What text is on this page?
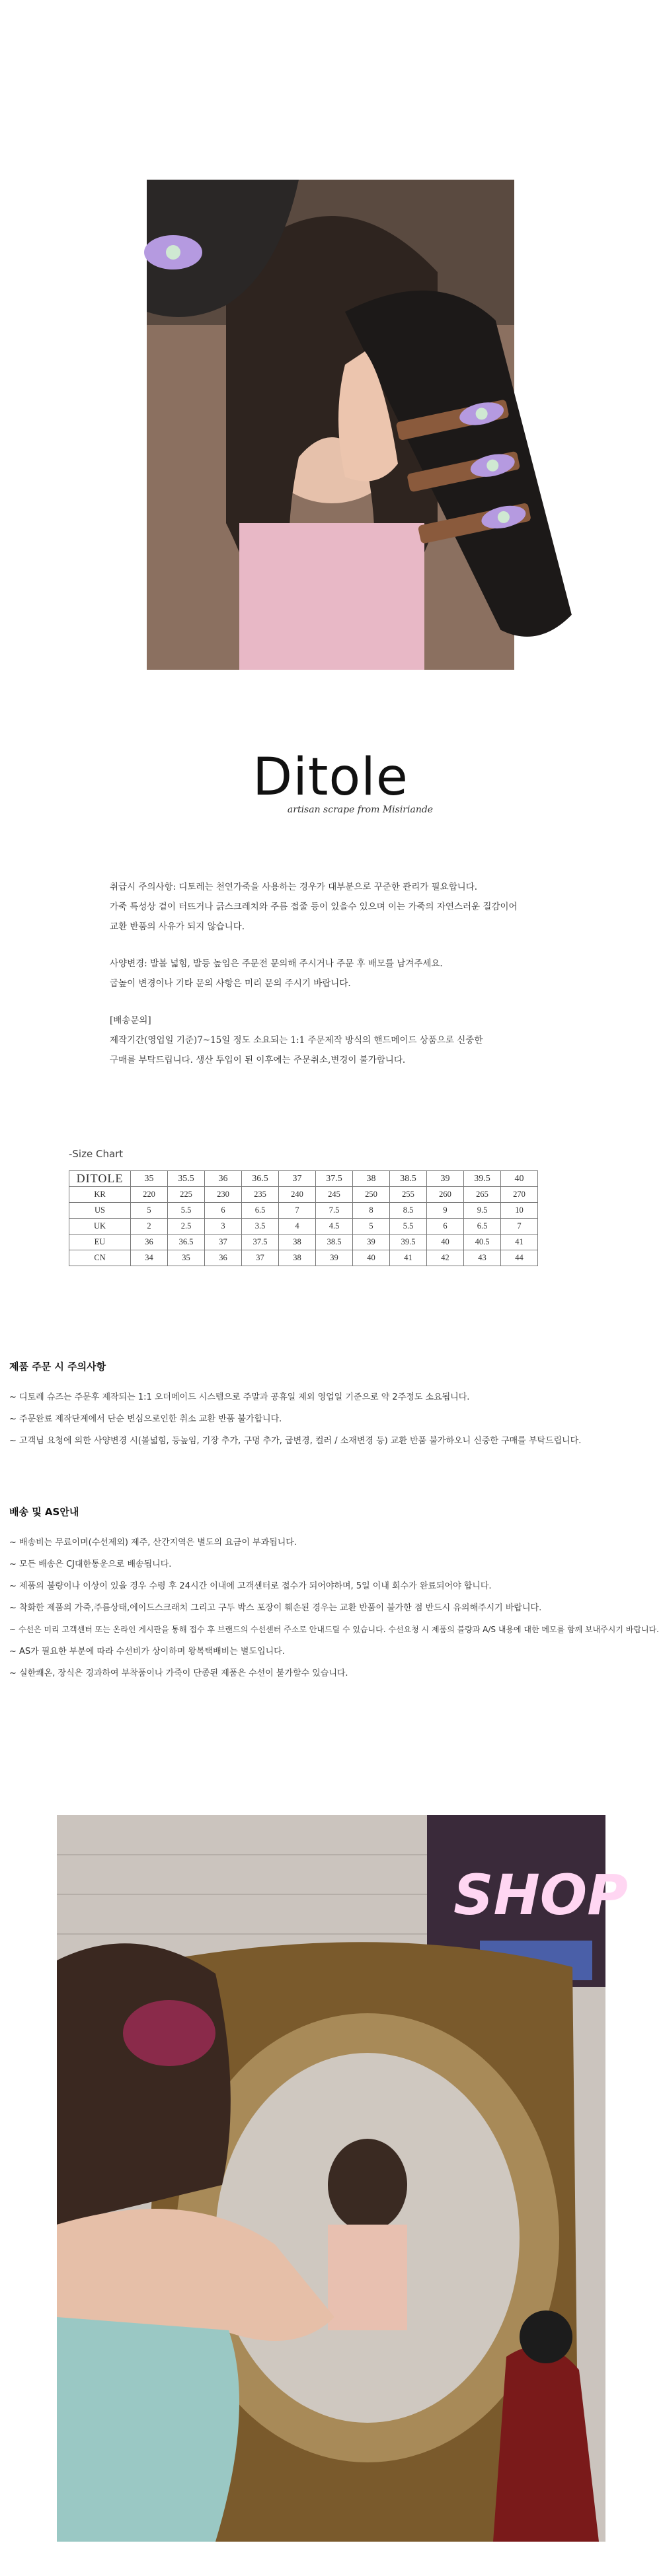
Ditole
artisan scrape from Misiriande

취급시 주의사항: 디토레는 천연가죽을 사용하는 경우가 대부분으로 꾸준한 관리가 필요합니다.
가죽 특성상 겉이 터뜨거나 긁스크레치와 주름 접줄 등이 있을수 있으며 이는 가죽의 자연스러운 질감이어
교환 반품의 사유가 되지 않습니다.

사양변경: 발볼 넓힘, 발등 높임은 주문전 문의해 주시거나 주문 후 배모를 남겨주세요.
굽높이 변경이나 기타 문의 사항은 미리 문의 주시기 바랍니다.

[배송문의]
제작기간(영업일 기준)7~15일 정도 소요되는 1:1 주문제작 방식의 핸드메이드 상품으로 신중한
구매를 부탁드립니다. 생산 투입이 된 이후에는 주문취소,변경이 불가합니다.

-Size Chart
DITOLE	35	35.5	36	36.5	37	37.5	38	38.5	39	39.5	40
KR	220	225	230	235	240	245	250	255	260	265	270
US	5	5.5	6	6.5	7	7.5	8	8.5	9	9.5	10
UK	2	2.5	3	3.5	4	4.5	5	5.5	6	6.5	7
EU	36	36.5	37	37.5	38	38.5	39	39.5	40	40.5	41
CN	34	35	36	37	38	39	40	41	42	43	44
제품 주문 시 주의사항
~ 디토레 슈즈는 주문후 제작되는 1:1 오더메이드 시스템으로 주말과 공휴일 제외 영업일 기준으로 약 2주정도 소요됩니다.
~ 주문완료 제작단계에서 단순 변심으로인한 취소 교환 반품 불가합니다.
~ 고객님 요청에 의한 사양변경 시(볼넓힘, 등높임, 기장 추가, 구멍 추가, 굽변경, 컬러 / 소재변경 등) 교환 반품 불가하오니 신중한 구매를 부탁드립니다.
배송 및 AS안내
~ 배송비는 무료이며(수선제외) 제주, 산간지역은 별도의 요금이 부과됩니다.
~ 모든 배송은 CJ대한통운으로 배송됩니다.
~ 제품의 불량이나 이상이 있을 경우 수령 후 24시간 이내에 고객센터로 접수가 되어야하며, 5일 이내 회수가 완료되어야 합니다.
~ 착화한 제품의 가죽,주름상태,에이드스크래치 그리고 구두 박스 포장이 훼손된 경우는 교환 반품이 불가한 점 반드시 유의해주시기 바랍니다.
~ 수선은 미리 고객센터 또는 온라인 게시판을 통해 접수 후 브랜드의 수선센터 주소로 안내드릴 수 있습니다. 수선요청 시 제품의 불량과 A/S 내용에 대한 메모를 함께 보내주시기 바랍니다.
~ AS가 필요한 부분에 따라 수선비가 상이하며 왕복택배비는 별도입니다.
~ 실한쾌온, 장식은 경과하여 부착품이나 가죽이 단종된 제품은 수선이 불가할수 있습니다.
SHOP
